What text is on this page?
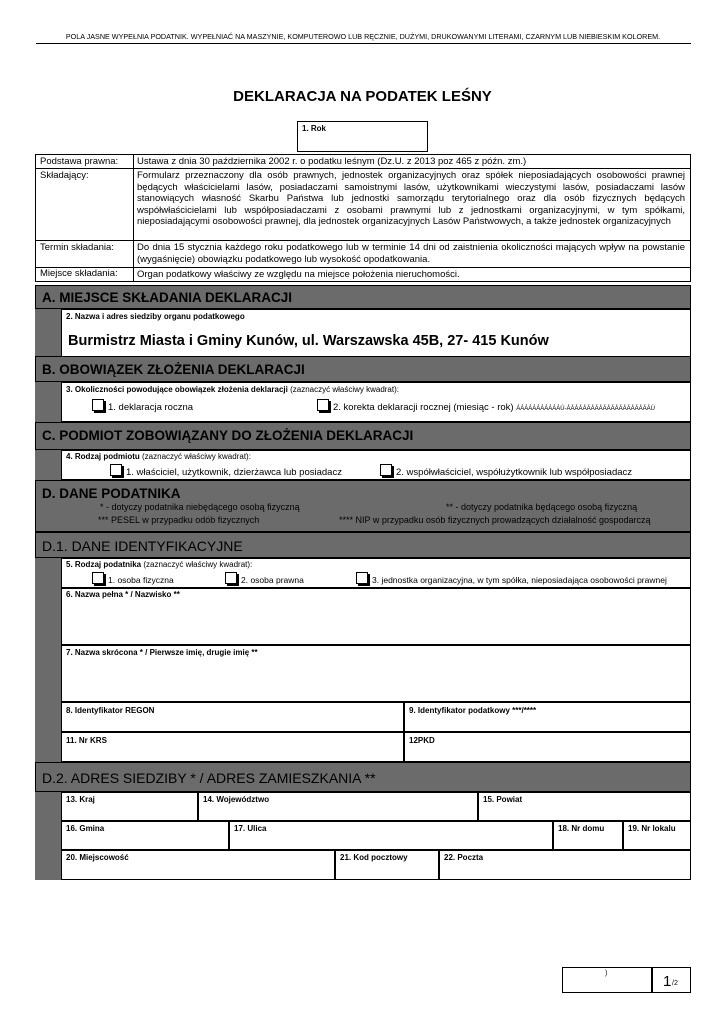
POLA JASNE WYPEŁNIA PODATNIK. WYPEŁNIAĆ NA MASZYNIE, KOMPUTEROWO LUB RĘCZNIE, DUŻYMI, DRUKOWANYMI LITERAMI, CZARNYM LUB NIEBIESKIM KOLOREM.
DEKLARACJA NA PODATEK LEŚNY
1. Rok
Podstawa prawna: Ustawa z dnia 30 października 2002 r. o podatku leśnym (Dz.U. z 2013 poz 465 z późn. zm.)
Składający:	Formularz przeznaczony dla osób prawnych, jednostek organizacyjnych oraz spółek nieposiadających osobowości prawnej będących właścicielami lasów, posiadaczami samoistnymi lasów, użytkownikami wieczystymi lasów, posiadaczami lasów stanowiących własność Skarbu Państwa lub jednostki samorządu terytorialnego oraz dla osób fizycznych będących współwłaścicielami lub współposiadaczami z osobami prawnymi lub z jednostkami organizacyjnymi, w tym spółkami, nieposiadającymi osobowości prawnej, dla jednostek organizacyjnych Lasów Państwowych, a także jednostek organizacyjnych
Termin składania: Do dnia 15 stycznia każdego roku podatkowego lub w terminie 14 dni od zaistnienia okoliczności mających wpływ na powstanie (wygaśnięcie) obowiązku podatkowego lub wysokość opodatkowania.
Miejsce składania: Organ podatkowy właściwy ze względu na miejsce położenia nieruchomości.
A. MIEJSCE SKŁADANIA DEKLARACJI
2. Nazwa i adres siedziby organu podatkowego
Burmistrz Miasta i Gminy Kunów, ul. Warszawska 45B, 27- 415 Kunów
B. OBOWIĄZEK ZŁOŻENIA DEKLARACJI
3. Okoliczności powodujące obowiązek złożenia deklaracji (zaznaczyć właściwy kwadrat):
1. deklaracja roczna	2. korekta deklaracji rocznej (miesiąc - rok) ÁÁÁÁÁÁÁÁÁÁÁÚ-ÁÁÁÁÁÁÁÁÁÁÁÁÁÁÁÁÁÁÁÁÁÚ
C. PODMIOT ZOBOWIĄZANY DO ZŁOŻENIA DEKLARACJI
4. Rodzaj podmiotu (zaznaczyć właściwy kwadrat):
1. właściciel, użytkownik, dzierżawca lub posiadacz	2. współwłaściciel, współużytkownik lub współposiadacz
D. DANE PODATNIKA
* - dotyczy podatnika niebędącego osobą fizyczną	** - dotyczy podatnika będącego osobą fizyczną
*** PESEL w przypadku odób fizycznych	**** NIP w przypadku osób fizycznych prowadzących działalność gospodarczą
D.1. DANE IDENTYFIKACYJNE
5. Rodzaj podatnika (zaznaczyć właściwy kwadrat):
1. osoba fizyczna	2. osoba prawna	3. jednostka organizacyjna, w tym spółka, nieposiadająca osobowości prawnej
6. Nazwa pełna * / Nazwisko **
7. Nazwa skrócona * / Pierwsze imię, drugie imię **
8. Identyfikator REGON	9. Identyfikator podatkowy ***/****
11. Nr KRS	12PKD
D.2. ADRES SIEDZIBY * / ADRES ZAMIESZKANIA **
13. Kraj	14. Województwo	15. Powiat
16. Gmina	17. Ulica	18. Nr domu	19. Nr lokalu
20. Miejscowość	21. Kod pocztowy	22. Poczta
)	1 /2
